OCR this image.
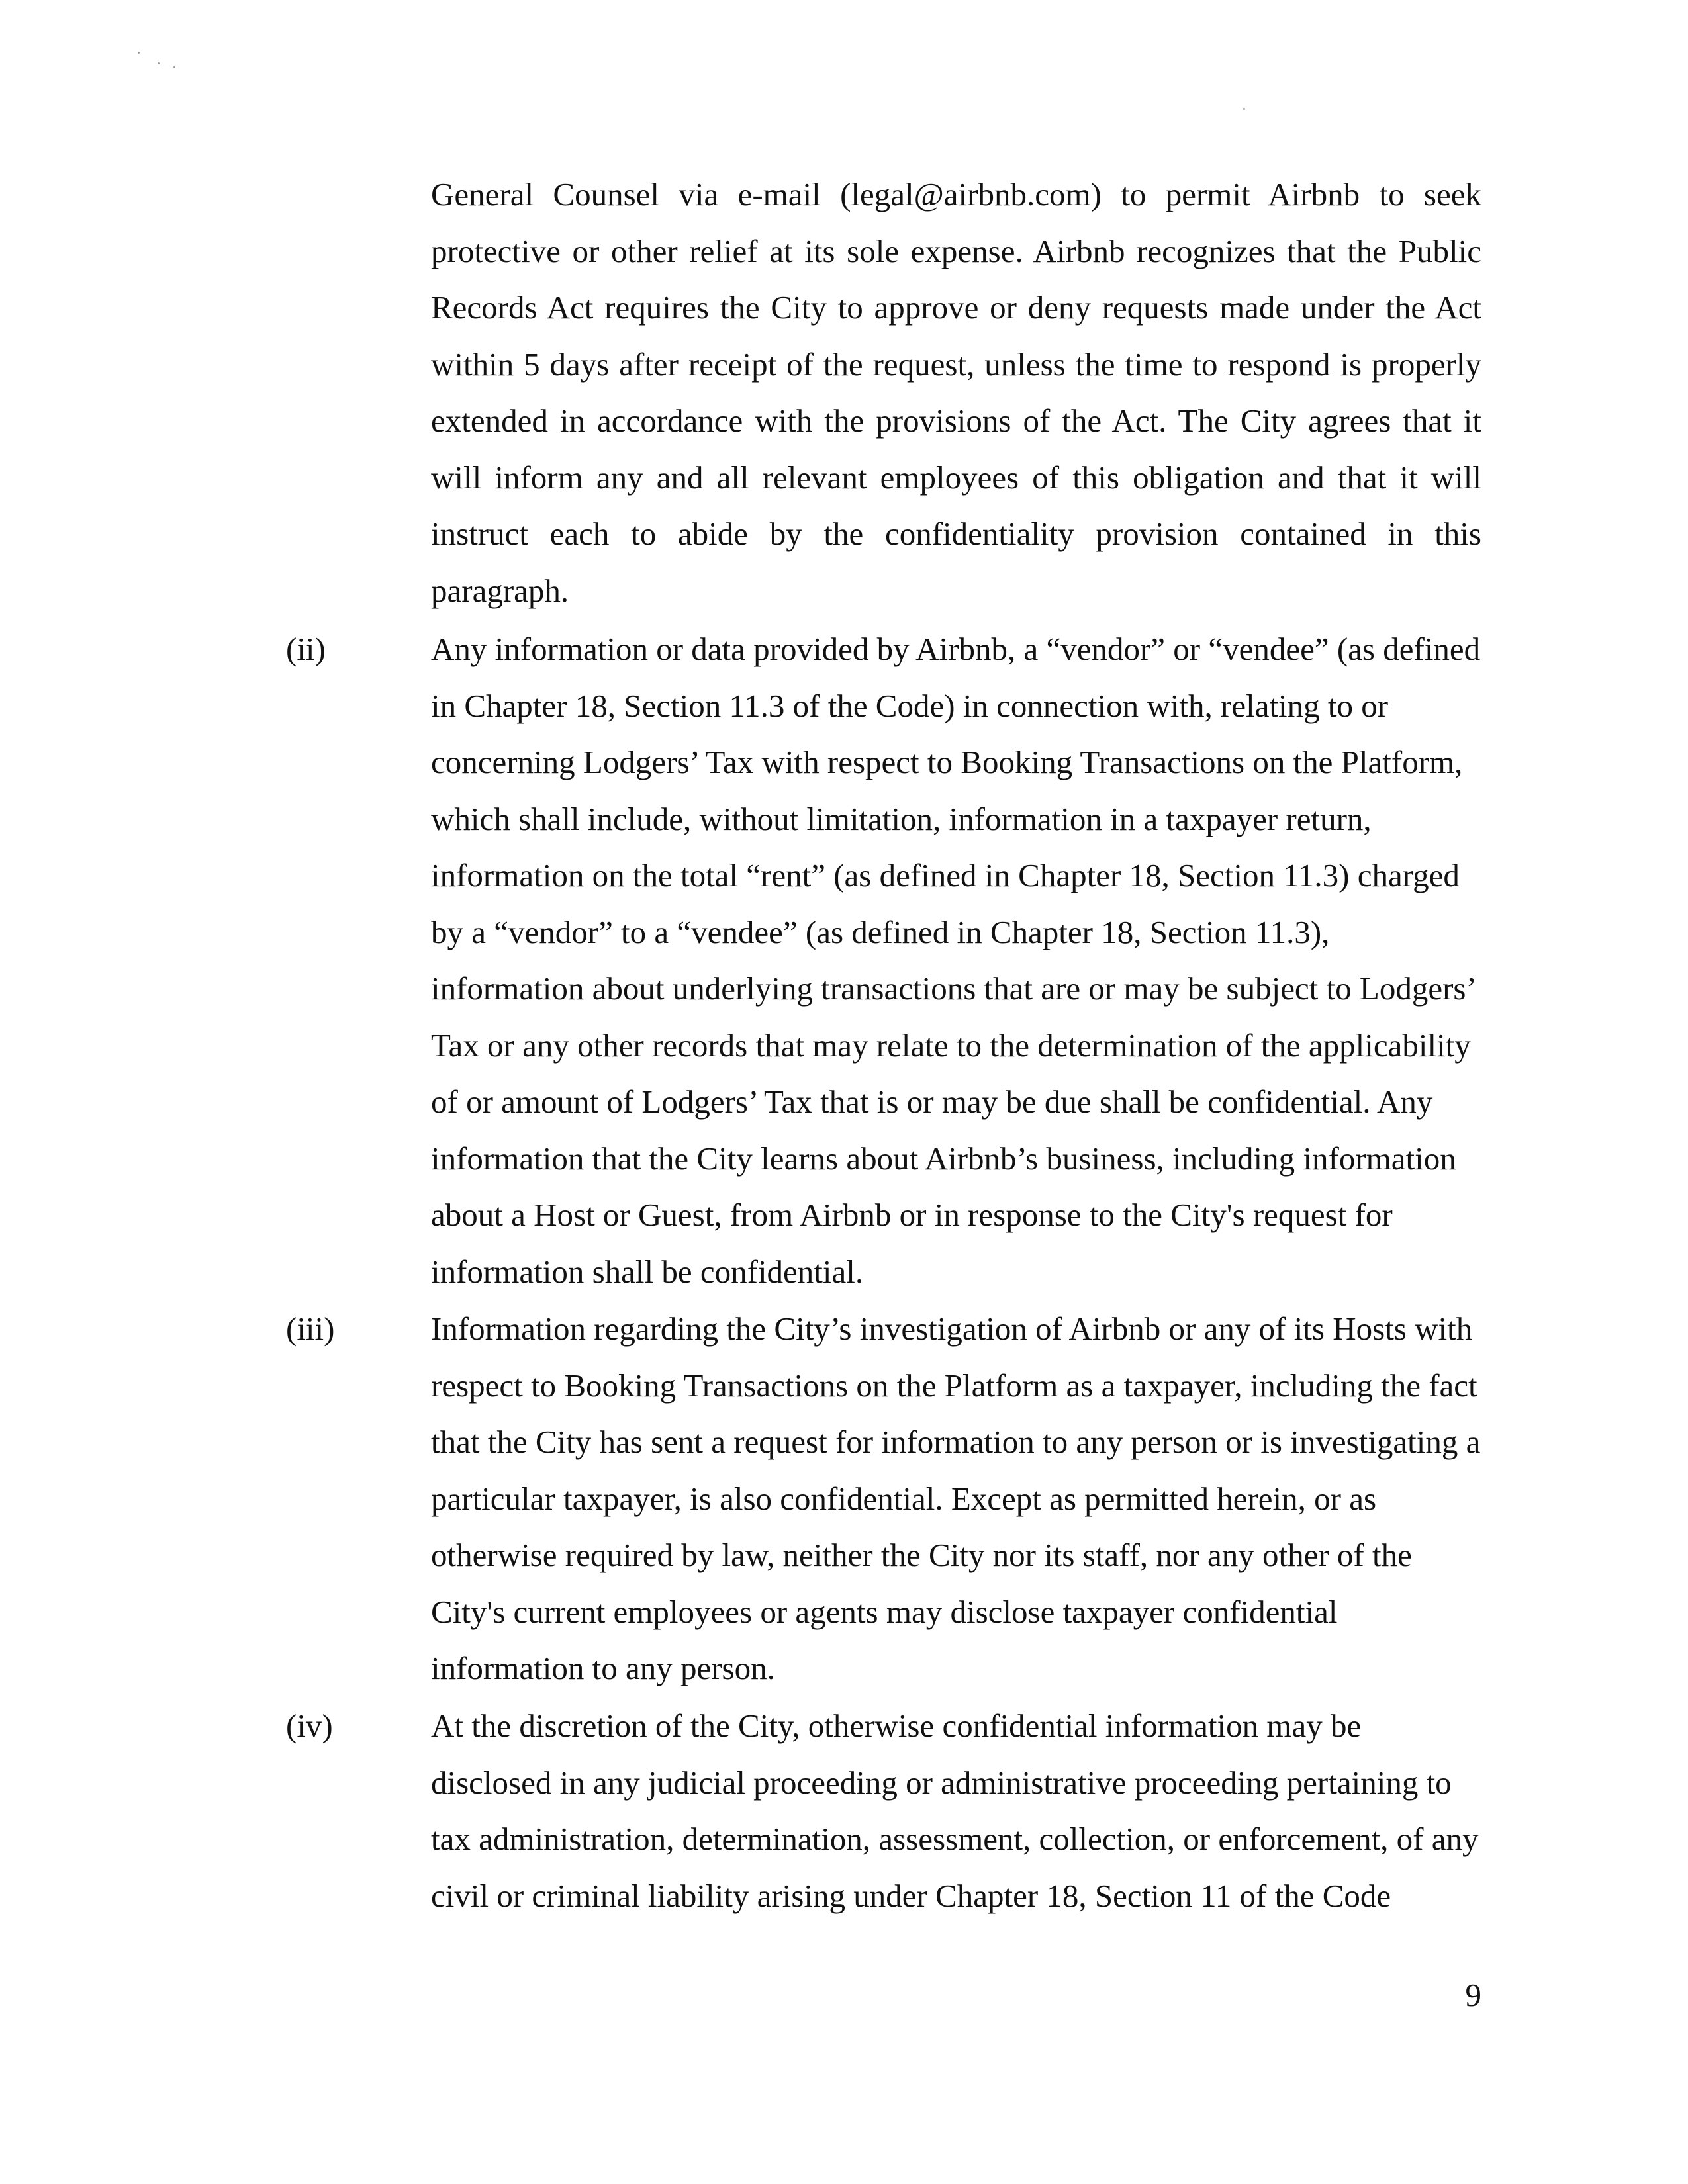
General Counsel via e-mail (legal@airbnb.com) to permit Airbnb to seek protective or other relief at its sole expense. Airbnb recognizes that the Public Records Act requires the City to approve or deny requests made under the Act within 5 days after receipt of the request, unless the time to respond is properly extended in accordance with the provisions of the Act. The City agrees that it will inform any and all relevant employees of this obligation and that it will instruct each to abide by the confidentiality provision contained in this paragraph.

(ii)	Any information or data provided by Airbnb, a “vendor” or “vendee” (as defined in Chapter 18, Section 11.3 of the Code) in connection with, relating to or concerning Lodgers’ Tax with respect to Booking Transactions on the Platform, which shall include, without limitation, information in a taxpayer return, information on the total “rent” (as defined in Chapter 18, Section 11.3) charged by a “vendor” to a “vendee” (as defined in Chapter 18, Section 11.3), information about underlying transactions that are or may be subject to Lodgers’ Tax or any other records that may relate to the determination of the applicability of or amount of Lodgers’ Tax that is or may be due shall be confidential. Any information that the City learns about Airbnb’s business, including information about a Host or Guest, from Airbnb or in response to the City's request for information shall be confidential.

(iii)	Information regarding the City’s investigation of Airbnb or any of its Hosts with respect to Booking Transactions on the Platform as a taxpayer, including the fact that the City has sent a request for information to any person or is investigating a particular taxpayer, is also confidential. Except as permitted herein, or as otherwise required by law, neither the City nor its staff, nor any other of the City's current employees or agents may disclose taxpayer confidential information to any person.

(iv)	At the discretion of the City, otherwise confidential information may be disclosed in any judicial proceeding or administrative proceeding pertaining to tax administration, determination, assessment, collection, or enforcement, of any civil or criminal liability arising under Chapter 18, Section 11 of the Code

9
